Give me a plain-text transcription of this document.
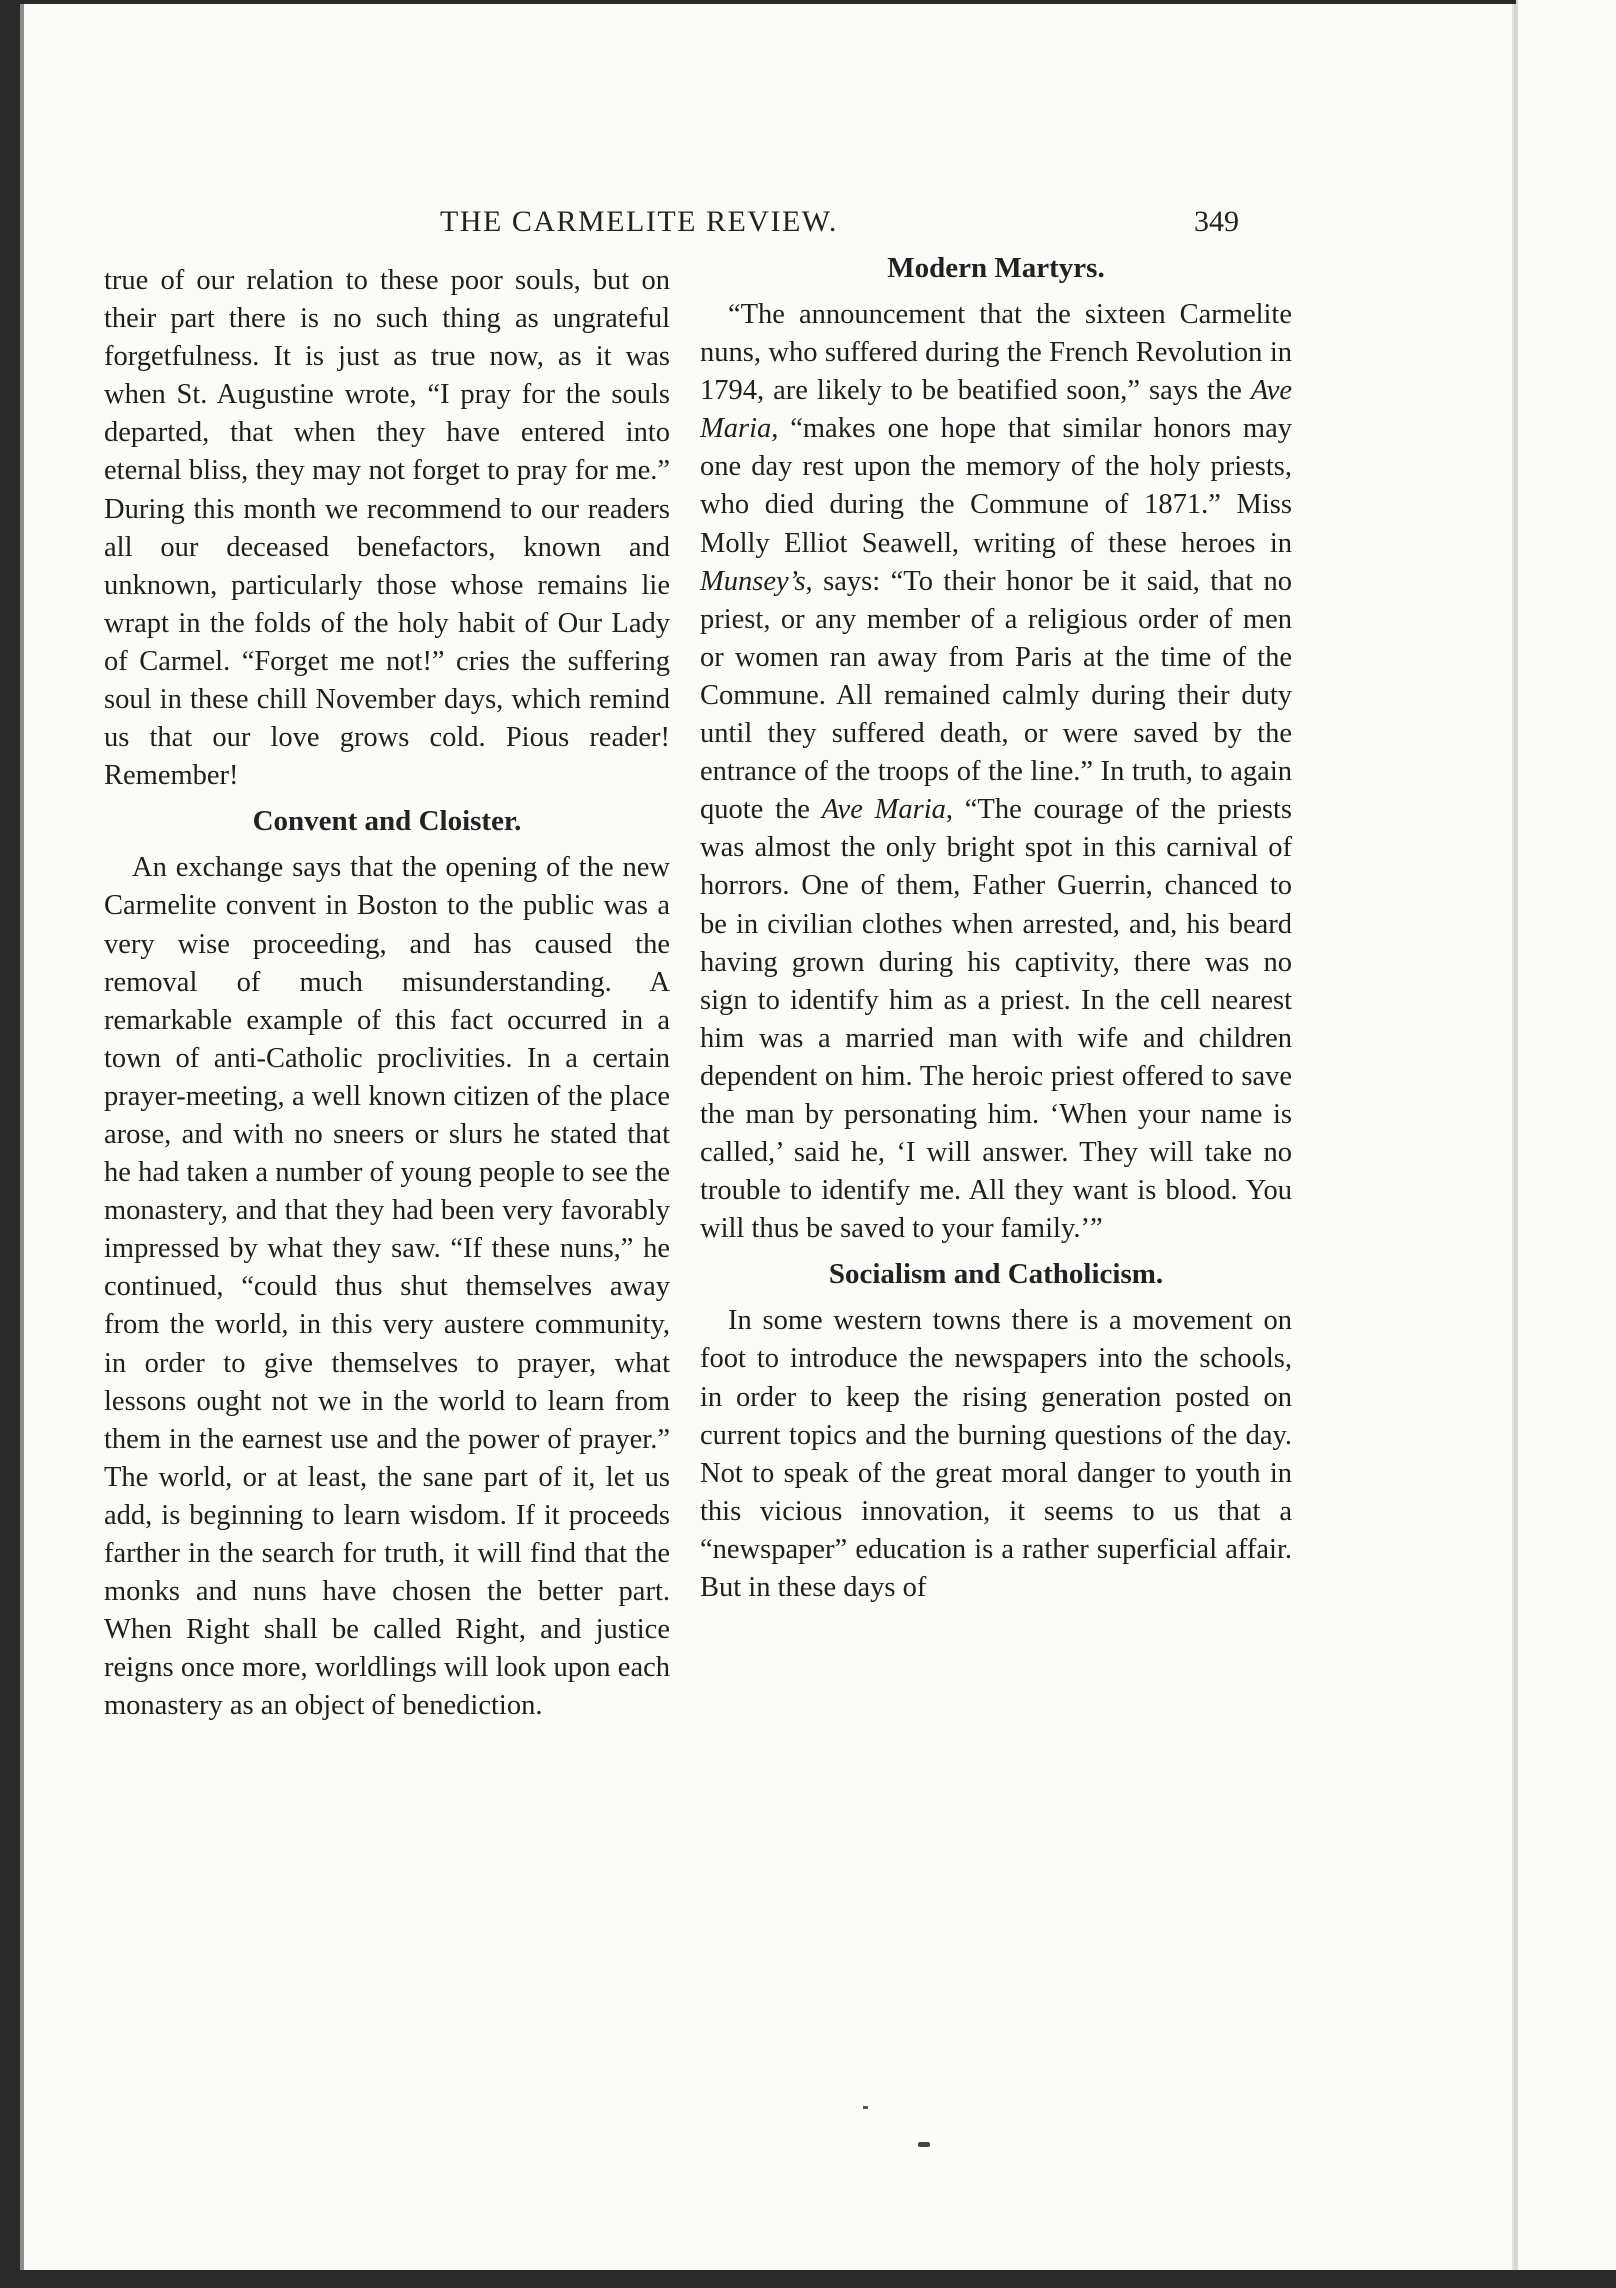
THE CARMELITE REVIEW.	349

true of our relation to these poor souls, but on their part there is no such thing as ungrateful forgetfulness. It is just as true now, as it was when St. Augustine wrote, “I pray for the souls departed, that when they have entered into eternal bliss, they may not forget to pray for me.” During this month we recommend to our readers all our deceased benefactors, known and unknown, particularly those whose remains lie wrapt in the folds of the holy habit of Our Lady of Carmel. “Forget me not!” cries the suffering soul in these chill November days, which remind us that our love grows cold. Pious reader! Remember!

Convent and Cloister.

An exchange says that the opening of the new Carmelite convent in Boston to the public was a very wise proceeding, and has caused the removal of much misunderstanding. A remarkable example of this fact occurred in a town of anti-Catholic proclivities. In a certain prayer-meeting, a well known citizen of the place arose, and with no sneers or slurs he stated that he had taken a number of young people to see the monastery, and that they had been very favorably impressed by what they saw. “If these nuns,” he continued, “could thus shut themselves away from the world, in this very austere community, in order to give themselves to prayer, what lessons ought not we in the world to learn from them in the earnest use and the power of prayer.” The world, or at least, the sane part of it, let us add, is beginning to learn wisdom. If it proceeds farther in the search for truth, it will find that the monks and nuns have chosen the better part. When Right shall be called Right, and justice reigns once more, worldlings will look upon each monastery as an object of benediction.

Modern Martyrs.

“The announcement that the sixteen Carmelite nuns, who suffered during the French Revolution in 1794, are likely to be beatified soon,” says the Ave Maria, “makes one hope that similar honors may one day rest upon the memory of the holy priests, who died during the Commune of 1871.” Miss Molly Elliot Seawell, writing of these heroes in Munsey’s, says: “To their honor be it said, that no priest, or any member of a religious order of men or women ran away from Paris at the time of the Commune. All remained calmly during their duty until they suffered death, or were saved by the entrance of the troops of the line.” In truth, to again quote the Ave Maria, “The courage of the priests was almost the only bright spot in this carnival of horrors. One of them, Father Guerrin, chanced to be in civilian clothes when arrested, and, his beard having grown during his captivity, there was no sign to identify him as a priest. In the cell nearest him was a married man with wife and children dependent on him. The heroic priest offered to save the man by personating him. ‘When your name is called,’ said he, ‘I will answer. They will take no trouble to identify me. All they want is blood. You will thus be saved to your family.’”

Socialism and Catholicism.

In some western towns there is a movement on foot to introduce the newspapers into the schools, in order to keep the rising generation posted on current topics and the burning questions of the day. Not to speak of the great moral danger to youth in this vicious innovation, it seems to us that a “newspaper” education is a rather superficial affair. But in these days of
